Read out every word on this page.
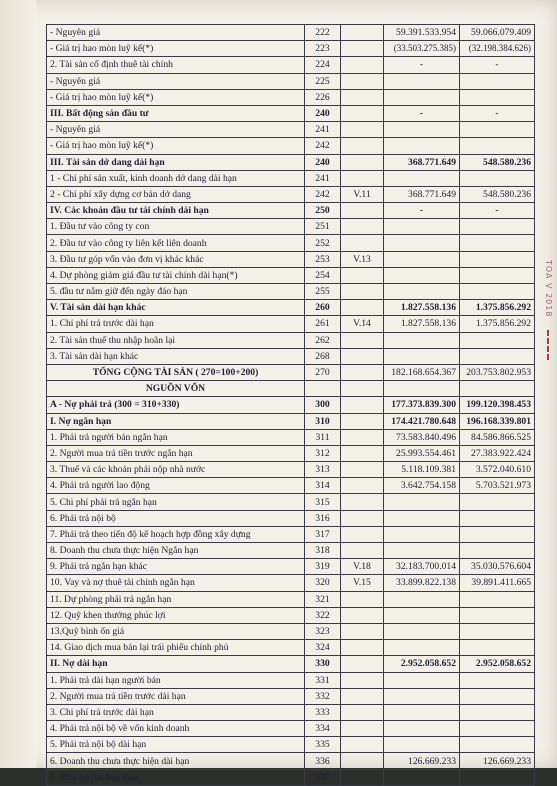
- Nguyên giá	222		59.391.533.954	59.066.079.409
- Giá trị hao mòn luỹ kế(*)	223		(33.503.275.385)	(32.198.384.626)
2. Tài sản cố định thuê tài chính	224		-	-
- Nguyên giá	225			
- Giá trị hao mòn luỹ kế(*)	226			
III. Bất động sản đầu tư	240		-	-
- Nguyên giá	241			
- Giá trị hao mòn luỹ kế(*)	242			
III. Tài sản dở dang dài hạn	240		368.771.649	548.580.236
1 - Chi phí sản xuất, kinh doanh dở dang dài hạn	241			
2 - Chi phí xây dựng cơ bản dở dang	242	V.11	368.771.649	548.580.236
IV. Các khoản đầu tư tài chính dài hạn	250		-	-
1. Đầu tư vào công ty con	251			
2. Đầu tư vào công ty liên kết liên doanh	252			
3. Đầu tư góp vốn vào đơn vị khác khác	253	V.13		
4. Dự phòng giảm giá đầu tư tài chính dài hạn(*)	254			
5. đầu tư nắm giữ đến ngày đáo hạn	255			
V. Tài sản dài hạn khác	260		1.827.558.136	1.375.856.292
1. Chi phí trả trước dài hạn	261	V.14	1.827.558.136	1.375.856.292
2. Tài sản thuế thu nhập hoãn lại	262			
3. Tài sản dài hạn khác	268			
TỔNG CỘNG TÀI SẢN ( 270=100+200)	270		182.168.654.367	203.753.802.953
NGUỒN VỐN				
A - Nợ phải trả (300 = 310+330)	300		177.373.839.300	199.120.398.453
I. Nợ ngắn hạn	310		174.421.780.648	196.168.339.801
1. Phải trả người bán ngắn hạn	311		73.583.840.496	84.586.866.525
2. Người mua trả tiền trước ngắn hạn	312		25.993.554.461	27.383.922.424
3. Thuế và các khoản phải nộp nhà nước	313		5.118.109.381	3.572.040.610
4. Phải trả người lao động	314		3.642.754.158	5.703.521.973
5. Chi phí phải trả ngắn hạn	315			
6. Phải trả nội bộ	316			
7. Phải trả theo tiến độ kế hoạch hợp đồng xây dựng	317			
8. Doanh thu chưa thực hiện Ngắn hạn	318			
9. Phải trả ngắn hạn khác	319	V.18	32.183.700.014	35.030.576.604
10. Vay và nợ thuê tài chính ngắn hạn	320	V.15	33.899.822.138	39.891.411.665
11. Dự phòng phải trả ngắn hạn	321			
12. Quỹ khen thưởng phúc lợi	322			
13.Quỹ bình ổn giá	323			
14. Giao dịch mua bán lại trái phiếu chính phủ	324			
II. Nợ dài hạn	330		2.952.058.652	2.952.058.652
1. Phải trả dài hạn người bán	331			
2. Người mua trả tiền trước dài hạn	332			
3. Chi phí trả trước dài hạn	333			
4. Phải trả nội bộ về vốn kinh doanh	334			
5. Phải trả nội bộ dài hạn	335			
6. Doanh thu chưa thực hiện dài hạn	336		126.669.233	126.669.233
7. Phải trả dài hạn khác	337			
TOA V 2018
